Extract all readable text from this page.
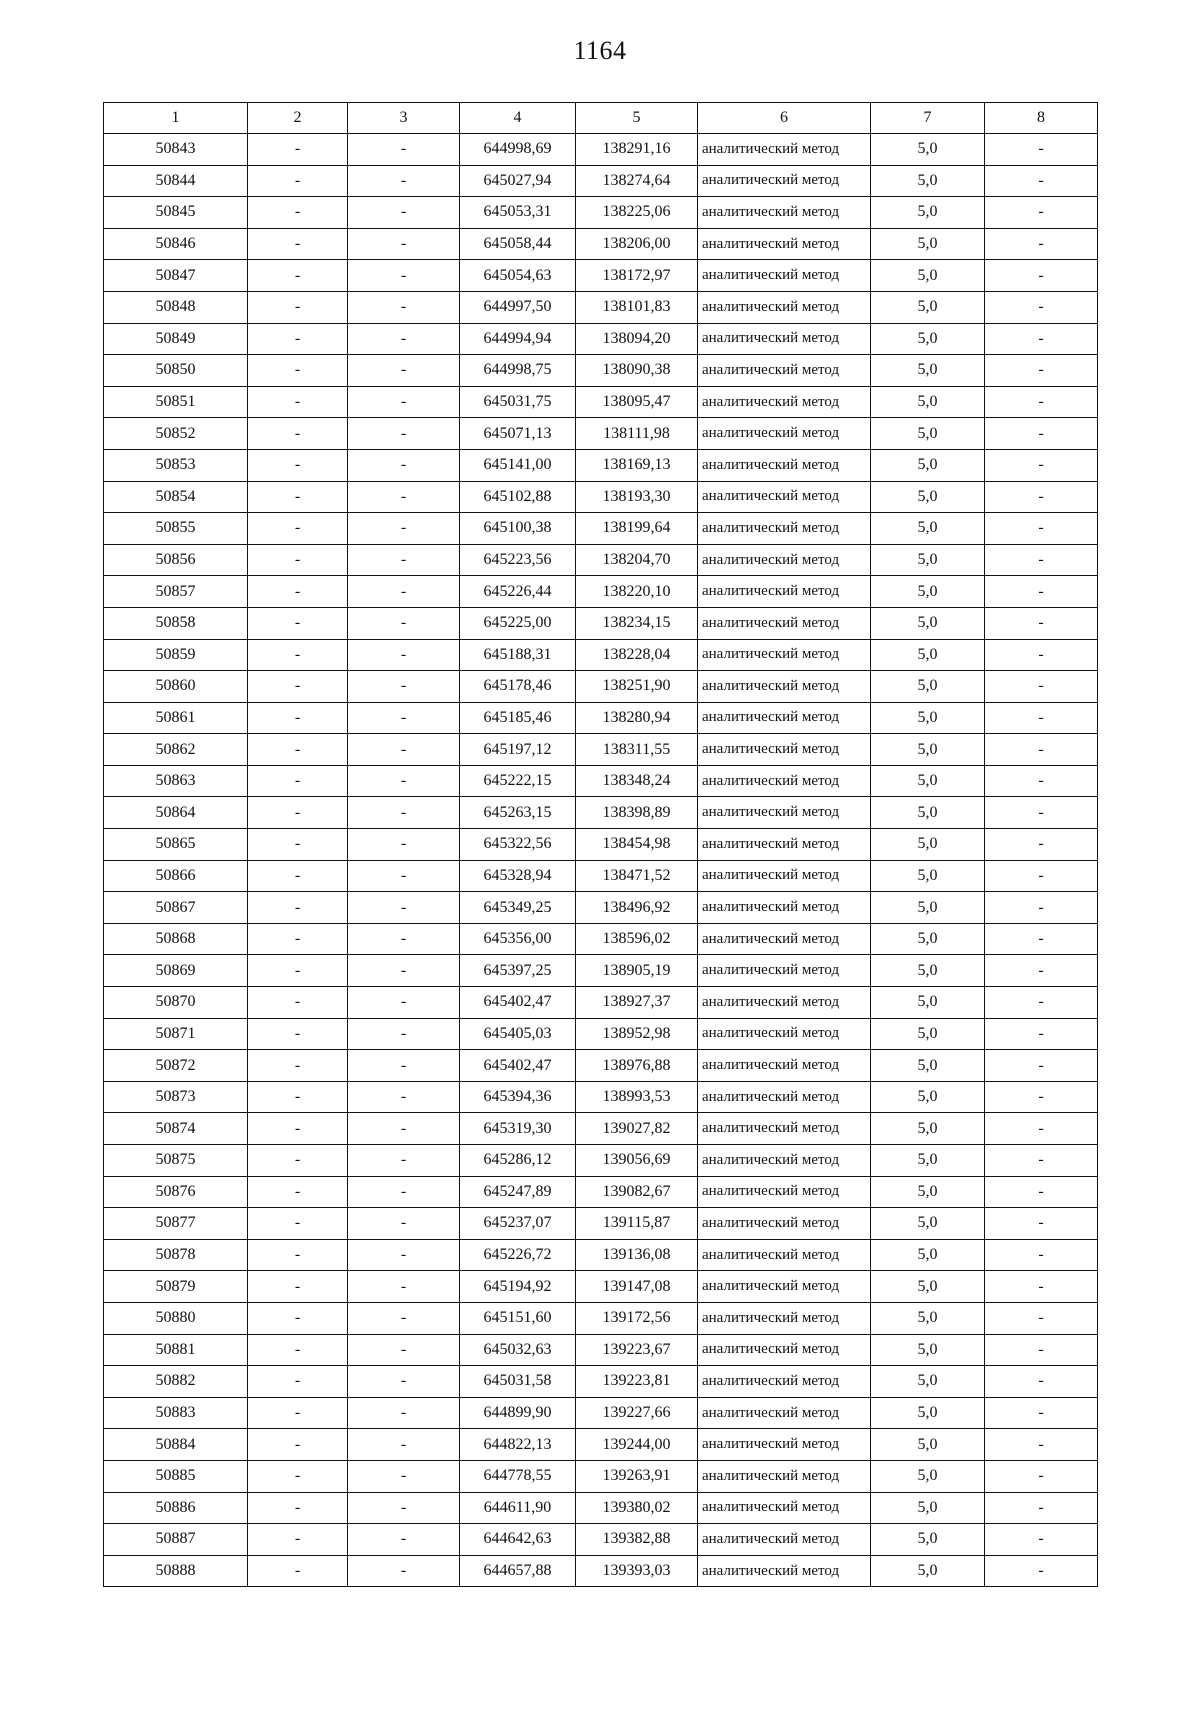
1164
1	2	3	4	5	6	7	8
50843	-	-	644998,69	138291,16	аналитический метод	5,0	-
50844	-	-	645027,94	138274,64	аналитический метод	5,0	-
50845	-	-	645053,31	138225,06	аналитический метод	5,0	-
50846	-	-	645058,44	138206,00	аналитический метод	5,0	-
50847	-	-	645054,63	138172,97	аналитический метод	5,0	-
50848	-	-	644997,50	138101,83	аналитический метод	5,0	-
50849	-	-	644994,94	138094,20	аналитический метод	5,0	-
50850	-	-	644998,75	138090,38	аналитический метод	5,0	-
50851	-	-	645031,75	138095,47	аналитический метод	5,0	-
50852	-	-	645071,13	138111,98	аналитический метод	5,0	-
50853	-	-	645141,00	138169,13	аналитический метод	5,0	-
50854	-	-	645102,88	138193,30	аналитический метод	5,0	-
50855	-	-	645100,38	138199,64	аналитический метод	5,0	-
50856	-	-	645223,56	138204,70	аналитический метод	5,0	-
50857	-	-	645226,44	138220,10	аналитический метод	5,0	-
50858	-	-	645225,00	138234,15	аналитический метод	5,0	-
50859	-	-	645188,31	138228,04	аналитический метод	5,0	-
50860	-	-	645178,46	138251,90	аналитический метод	5,0	-
50861	-	-	645185,46	138280,94	аналитический метод	5,0	-
50862	-	-	645197,12	138311,55	аналитический метод	5,0	-
50863	-	-	645222,15	138348,24	аналитический метод	5,0	-
50864	-	-	645263,15	138398,89	аналитический метод	5,0	-
50865	-	-	645322,56	138454,98	аналитический метод	5,0	-
50866	-	-	645328,94	138471,52	аналитический метод	5,0	-
50867	-	-	645349,25	138496,92	аналитический метод	5,0	-
50868	-	-	645356,00	138596,02	аналитический метод	5,0	-
50869	-	-	645397,25	138905,19	аналитический метод	5,0	-
50870	-	-	645402,47	138927,37	аналитический метод	5,0	-
50871	-	-	645405,03	138952,98	аналитический метод	5,0	-
50872	-	-	645402,47	138976,88	аналитический метод	5,0	-
50873	-	-	645394,36	138993,53	аналитический метод	5,0	-
50874	-	-	645319,30	139027,82	аналитический метод	5,0	-
50875	-	-	645286,12	139056,69	аналитический метод	5,0	-
50876	-	-	645247,89	139082,67	аналитический метод	5,0	-
50877	-	-	645237,07	139115,87	аналитический метод	5,0	-
50878	-	-	645226,72	139136,08	аналитический метод	5,0	-
50879	-	-	645194,92	139147,08	аналитический метод	5,0	-
50880	-	-	645151,60	139172,56	аналитический метод	5,0	-
50881	-	-	645032,63	139223,67	аналитический метод	5,0	-
50882	-	-	645031,58	139223,81	аналитический метод	5,0	-
50883	-	-	644899,90	139227,66	аналитический метод	5,0	-
50884	-	-	644822,13	139244,00	аналитический метод	5,0	-
50885	-	-	644778,55	139263,91	аналитический метод	5,0	-
50886	-	-	644611,90	139380,02	аналитический метод	5,0	-
50887	-	-	644642,63	139382,88	аналитический метод	5,0	-
50888	-	-	644657,88	139393,03	аналитический метод	5,0	-
